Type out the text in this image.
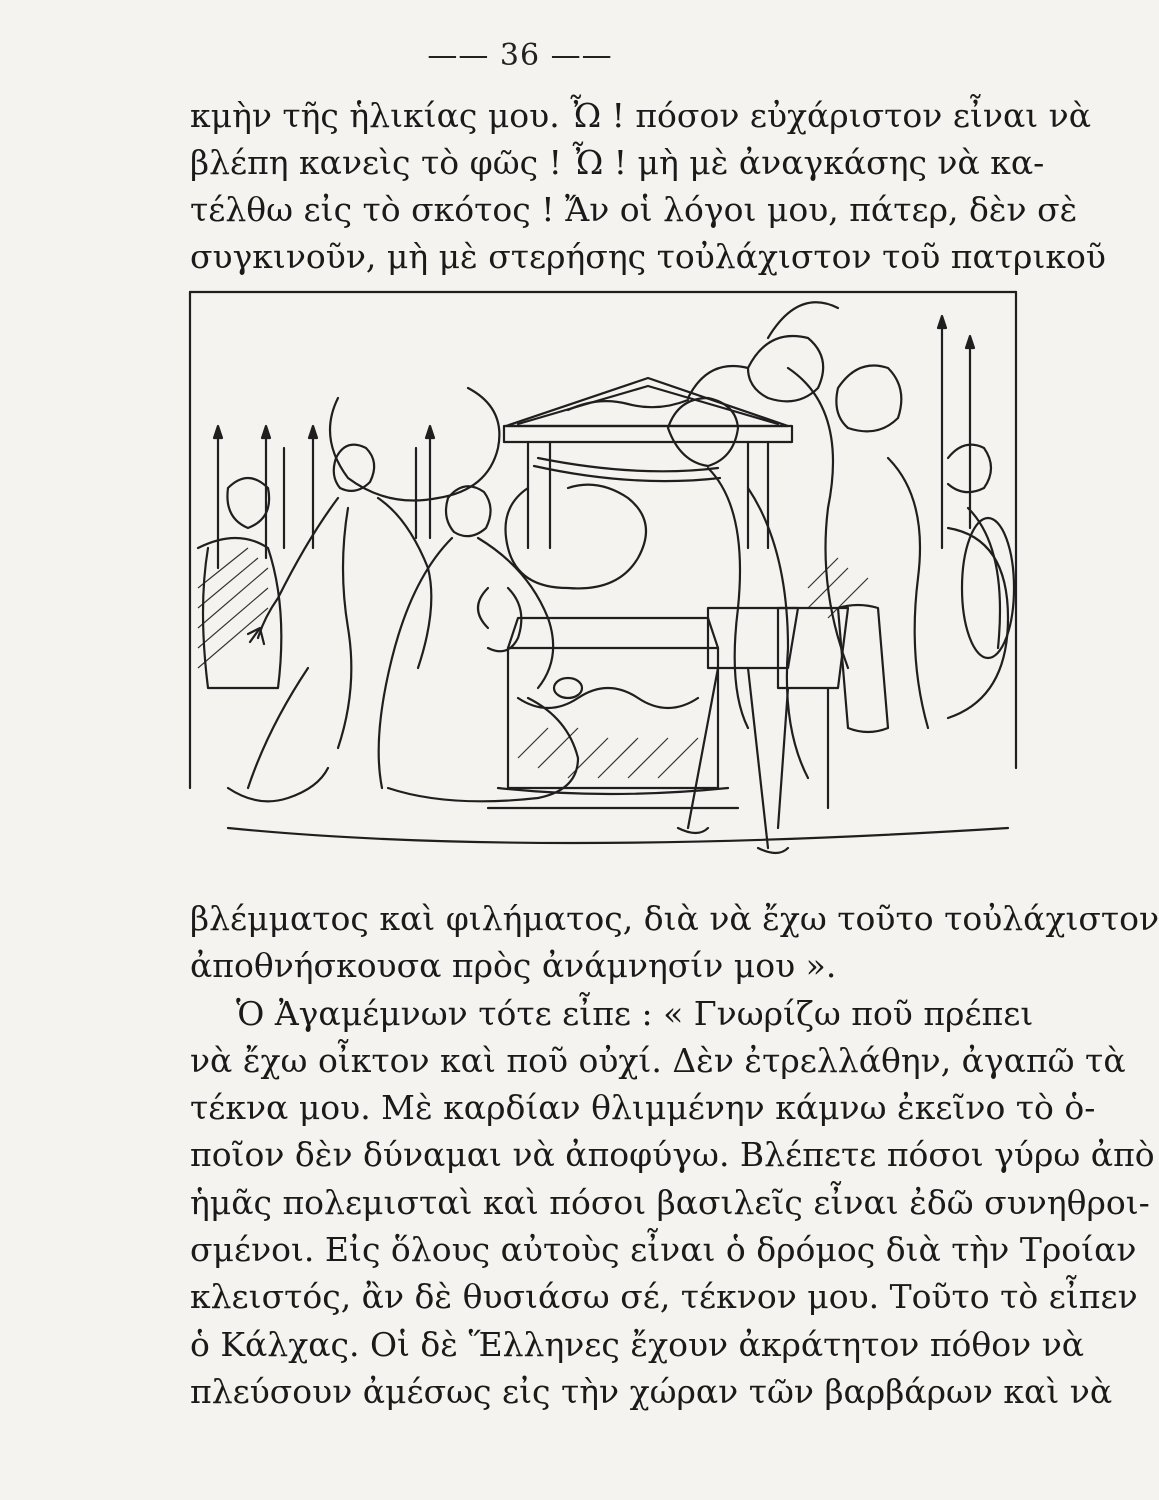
—— 36 ——
κμὴν τῆς ἡλικίας μου. Ὦ ! πόσον εὐχάριστον εἶναι νὰ
βλέπη κανεὶς τὸ φῶς ! Ὦ ! μὴ μὲ ἀναγκάσης νὰ κα-
τέλθω εἰς τὸ σκότος ! Ἄν οἱ λόγοι μου, πάτερ, δὲν σὲ
συγκινοῦν, μὴ μὲ στερήσης τοὐλάχιστον τοῦ πατρικοῦ
βλέμματος καὶ φιλήματος, διὰ νὰ ἔχω τοῦτο τοὐλάχιστον
ἀποθνήσκουσα πρὸς ἀνάμνησίν μου ».
Ὁ Ἀγαμέμνων τότε εἶπε : « Γνωρίζω ποῦ πρέπει
νὰ ἔχω οἶκτον καὶ ποῦ οὐχί. Δὲν ἐτρελλάθην, ἀγαπῶ τὰ
τέκνα μου. Μὲ καρδίαν θλιμμένην κάμνω ἐκεῖνο τὸ ὁ-
ποῖον δὲν δύναμαι νὰ ἀποφύγω. Βλέπετε πόσοι γύρω ἀπὸ
ἡμᾶς πολεμισταὶ καὶ πόσοι βασιλεῖς εἶναι ἐδῶ συνηθροι-
σμένοι. Εἰς ὅλους αὐτοὺς εἶναι ὁ δρόμος διὰ τὴν Τροίαν
κλειστός, ἂν δὲ θυσιάσω σέ, τέκνον μου. Τοῦτο τὸ εἶπεν
ὁ Κάλχας. Οἱ δὲ Ἕλληνες ἔχουν ἀκράτητον πόθον νὰ
πλεύσουν ἀμέσως εἰς τὴν χώραν τῶν βαρβάρων καὶ νὰ
